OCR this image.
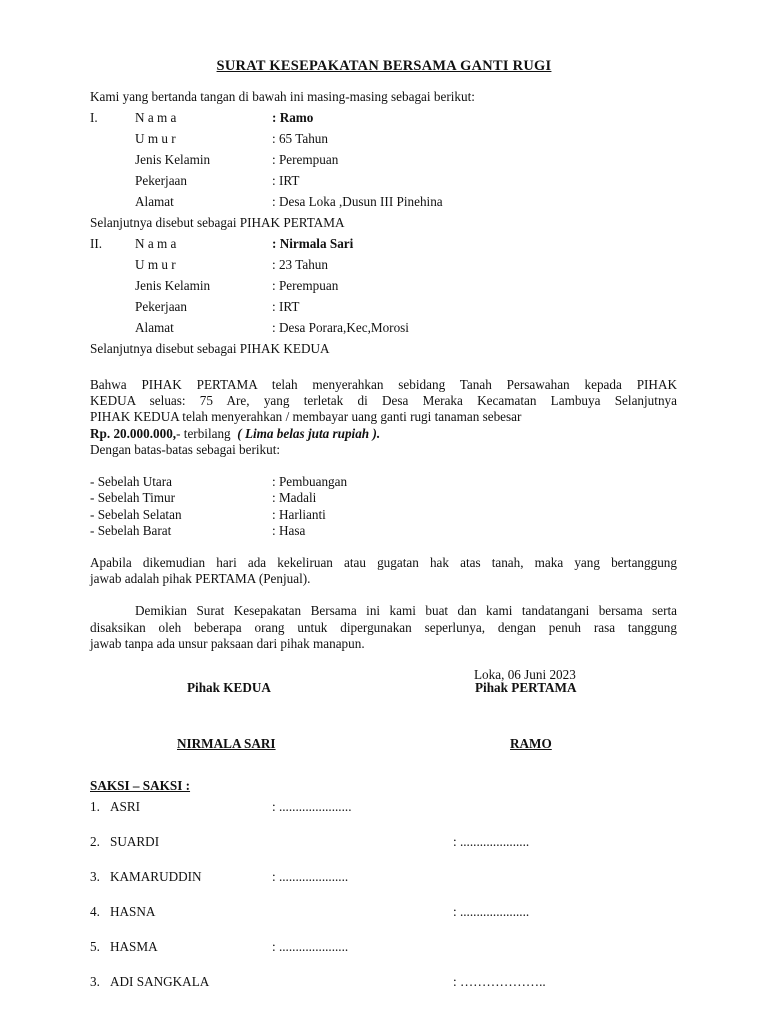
SURAT KESEPAKATAN BERSAMA GANTI RUGI
Kami yang bertanda tangan di bawah ini masing-masing sebagai berikut:
I.	N a m a	: Ramo
U m u r	: 65 Tahun
Jenis Kelamin	: Perempuan
Pekerjaan	: IRT
Alamat	: Desa Loka ,Dusun III Pinehina
Selanjutnya disebut sebagai PIHAK PERTAMA
II. N a m a	: Nirmala Sari
U m u r	: 23 Tahun
Jenis Kelamin	: Perempuan
Pekerjaan	: IRT
Alamat	: Desa Porara,Kec,Morosi
Selanjutnya disebut sebagai PIHAK KEDUA
Bahwa PIHAK PERTAMA telah menyerahkan sebidang Tanah Persawahan kepada PIHAK
KEDUA seluas: 75 Are, yang terletak di Desa Meraka Kecamatan Lambuya Selanjutnya
PIHAK KEDUA telah menyerahkan / membayar uang ganti rugi tanaman sebesar
Rp. 20.000.000,- terbilang ( Lima belas juta rupiah ).
Dengan batas-batas sebagai berikut:
- Sebelah Utara	: Pembuangan
- Sebelah Timur	: Madali
- Sebelah Selatan	: Harlianti
- Sebelah Barat	: Hasa
Apabila dikemudian hari ada kekeliruan atau gugatan hak atas tanah, maka yang bertanggung
jawab adalah pihak PERTAMA (Penjual).
Demikian Surat Kesepakatan Bersama ini kami buat dan kami tandatangani bersama serta
disaksikan oleh beberapa orang untuk dipergunakan seperlunya, dengan penuh rasa tanggung
jawab tanpa ada unsur paksaan dari pihak manapun.
Loka, 06 Juni 2023
Pihak KEDUA	Pihak PERTAMA
NIRMALA SARI	RAMO
SAKSI – SAKSI :
1. ASRI	: ......................
2. SUARDI	: .....................
3. KAMARUDDIN	: .....................
4. HASNA	: .....................
5. HASMA	: .....................
3. ADI SANGKALA	: ………………..
